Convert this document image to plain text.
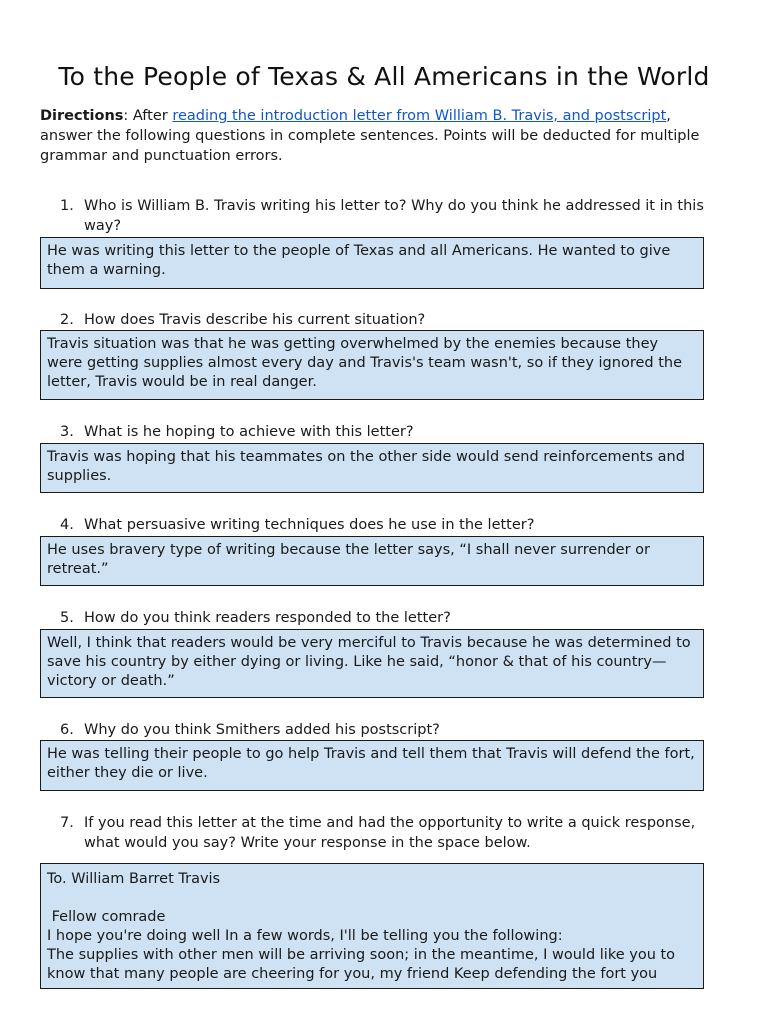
To the People of Texas & All Americans in the World
Directions: After reading the introduction letter from William B. Travis, and postscript, answer the following questions in complete sentences. Points will be deducted for multiple grammar and punctuation errors.
1. Who is William B. Travis writing his letter to? Why do you think he addressed it in this way?

He was writing this letter to the people of Texas and all Americans. He wanted to give them a warning.

2. How does Travis describe his current situation?

Travis situation was that he was getting overwhelmed by the enemies because they were getting supplies almost every day and Travis's team wasn't, so if they ignored the letter, Travis would be in real danger.

3. What is he hoping to achieve with this letter?

Travis was hoping that his teammates on the other side would send reinforcements and supplies.

4. What persuasive writing techniques does he use in the letter?

He uses bravery type of writing because the letter says, “I shall never surrender or retreat.”

5. How do you think readers responded to the letter?

Well, I think that readers would be very merciful to Travis because he was determined to save his country by either dying or living. Like he said, “honor & that of his country—victory or death.”

6. Why do you think Smithers added his postscript?

He was telling their people to go help Travis and tell them that Travis will defend the fort, either they die or live.

7. If you read this letter at the time and had the opportunity to write a quick response, what would you say? Write your response in the space below.

To. William Barret Travis

Fellow comrade

I hope you're doing well In a few words, I'll be telling you the following:

The supplies with other men will be arriving soon; in the meantime, I would like you to know that many people are cheering for you, my friend Keep defending the fort you
